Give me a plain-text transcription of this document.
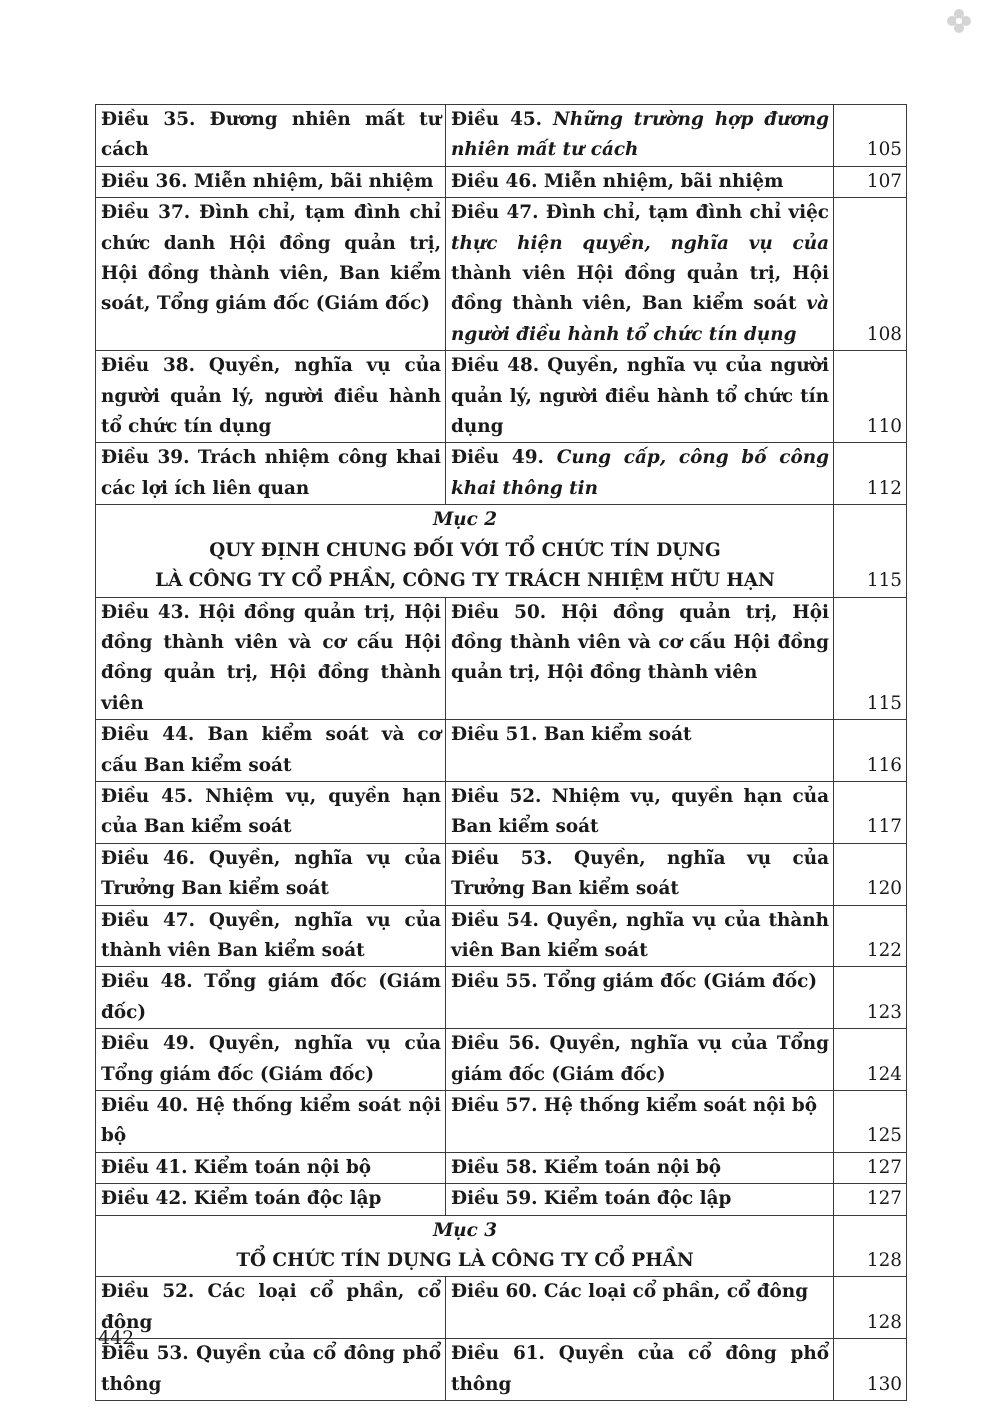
Điều 35. Đương nhiên mất tư cách	Điều 45. Những trường hợp đương nhiên mất tư cách	105
Điều 36. Miễn nhiệm, bãi nhiệm	Điều 46. Miễn nhiệm, bãi nhiệm	107
Điều 37. Đình chỉ, tạm đình chỉ chức danh Hội đồng quản trị, Hội đồng thành viên, Ban kiểm soát, Tổng giám đốc (Giám đốc)	Điều 47. Đình chỉ, tạm đình chỉ việc thực hiện quyền, nghĩa vụ của thành viên Hội đồng quản trị, Hội đồng thành viên, Ban kiểm soát và người điều hành tổ chức tín dụng	108
Điều 38. Quyền, nghĩa vụ của người quản lý, người điều hành tổ chức tín dụng	Điều 48. Quyền, nghĩa vụ của người quản lý, người điều hành tổ chức tín dụng	110
Điều 39. Trách nhiệm công khai các lợi ích liên quan	Điều 49. Cung cấp, công bố công khai thông tin	112

Mục 2
QUY ĐỊNH CHUNG ĐỐI VỚI TỔ CHỨC TÍN DỤNG
LÀ CÔNG TY CỔ PHẦN, CÔNG TY TRÁCH NHIỆM HỮU HẠN		115
Điều 43. Hội đồng quản trị, Hội đồng thành viên và cơ cấu Hội đồng quản trị, Hội đồng thành viên	Điều 50. Hội đồng quản trị, Hội đồng thành viên và cơ cấu Hội đồng quản trị, Hội đồng thành viên	115
Điều 44. Ban kiểm soát và cơ cấu Ban kiểm soát	Điều 51. Ban kiểm soát	116
Điều 45. Nhiệm vụ, quyền hạn của Ban kiểm soát	Điều 52. Nhiệm vụ, quyền hạn của Ban kiểm soát	117
Điều 46. Quyền, nghĩa vụ của Trưởng Ban kiểm soát	Điều 53. Quyền, nghĩa vụ của Trưởng Ban kiểm soát	120
Điều 47. Quyền, nghĩa vụ của thành viên Ban kiểm soát	Điều 54. Quyền, nghĩa vụ của thành viên Ban kiểm soát	122
Điều 48. Tổng giám đốc (Giám đốc)	Điều 55. Tổng giám đốc (Giám đốc)	123
Điều 49. Quyền, nghĩa vụ của Tổng giám đốc (Giám đốc)	Điều 56. Quyền, nghĩa vụ của Tổng giám đốc (Giám đốc)	124
Điều 40. Hệ thống kiểm soát nội bộ	Điều 57. Hệ thống kiểm soát nội bộ	125
Điều 41. Kiểm toán nội bộ	Điều 58. Kiểm toán nội bộ	127
Điều 42. Kiểm toán độc lập	Điều 59. Kiểm toán độc lập	127

Mục 3
TỔ CHỨC TÍN DỤNG LÀ CÔNG TY CỔ PHẦN		128
Điều 52. Các loại cổ phần, cổ đông	Điều 60. Các loại cổ phần, cổ đông	128
Điều 53. Quyền của cổ đông phổ thông	Điều 61. Quyền của cổ đông phổ thông	130
442
